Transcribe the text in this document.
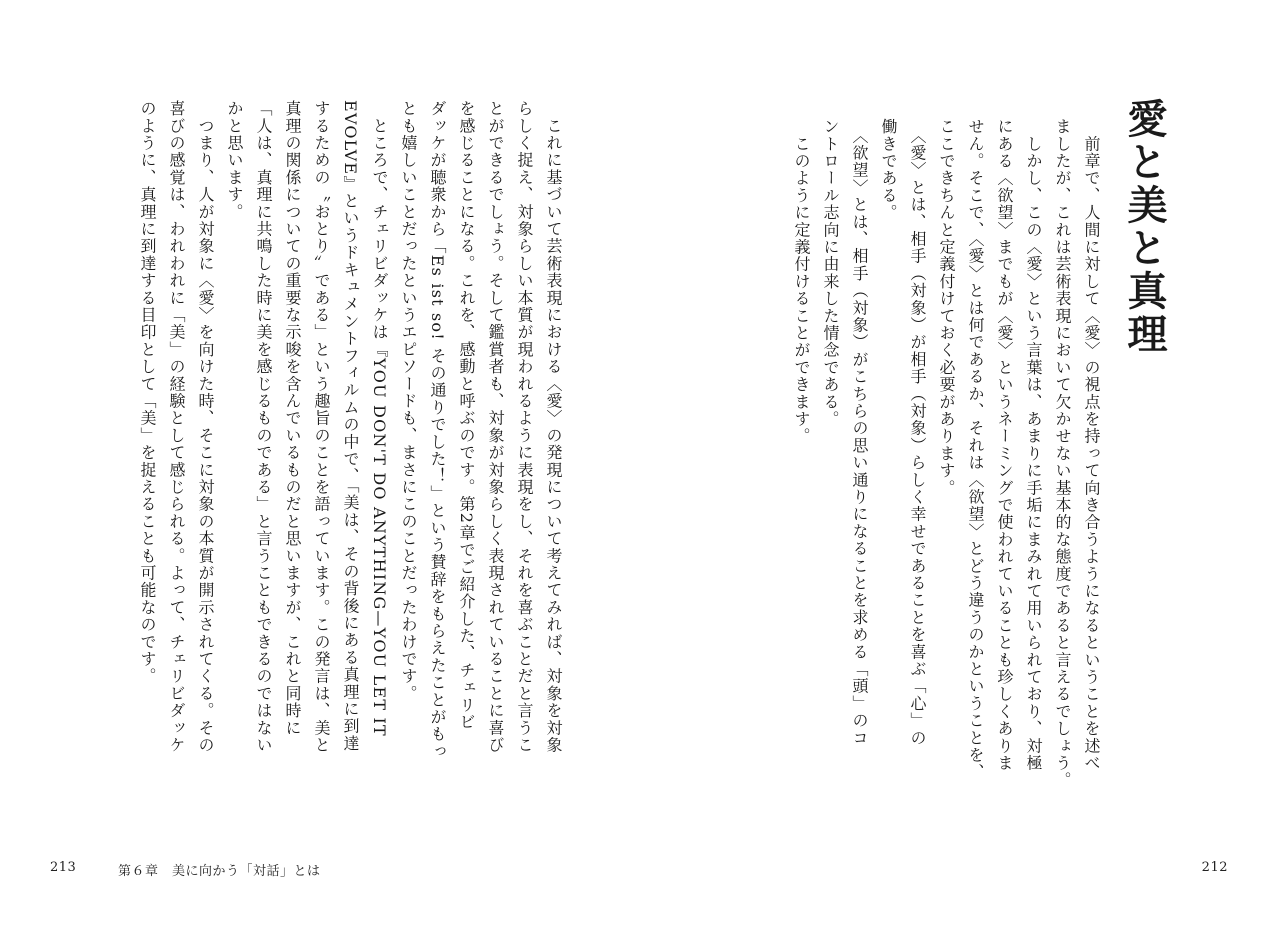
愛と美と真理
　前章で、人間に対して〈愛〉の視点を持って向き合うようになるということを述べ
ましたが、これは芸術表現において欠かせない基本的な態度であると言えるでしょう。
　しかし、この〈愛〉という言葉は、あまりに手垢にまみれて用いられており、対極
にある〈欲望〉までもが〈愛〉というネーミングで使われていることも珍しくありま
せん。そこで、〈愛〉とは何であるか、それは〈欲望〉とどう違うのかということを、
ここできちんと定義付けておく必要があります。
　〈愛〉とは、相手（対象）が相手（対象）らしく幸せであることを喜ぶ「心」の
働きである。
　〈欲望〉とは、相手（対象）がこちらの思い通りになることを求める「頭」のコ
ントロール志向に由来した情念である。
　このように定義付けることができます。
　これに基づいて芸術表現における〈愛〉の発現について考えてみれば、対象を対象
らしく捉え、対象らしい本質が現われるように表現をし、それを喜ぶことだと言うこ
とができるでしょう。そして鑑賞者も、対象が対象らしく表現されていることに喜び
を感じることになる。これを、感動と呼ぶのです。第2章でご紹介した、チェリビ
ダッケが聴衆から「Es ist so! その通りでした！」という賛辞をもらえたことがもっ
とも嬉しいことだったというエピソードも、まさにこのことだったわけです。
　ところで、チェリビダッケは『YOU DON'T DO ANYTHING—YOU LET IT
EVOLVE』というドキュメントフィルムの中で、「美は、その背後にある真理に到達
するための〝おとり〟である」という趣旨のことを語っています。この発言は、美と
真理の関係についての重要な示唆を含んでいるものだと思いますが、これと同時に
「人は、真理に共鳴した時に美を感じるものである」と言うこともできるのではない
かと思います。
　つまり、人が対象に〈愛〉を向けた時、そこに対象の本質が開示されてくる。その
喜びの感覚は、われわれに「美」の経験として感じられる。よって、チェリビダッケ
のように、真理に到達する目印として「美」を捉えることも可能なのです。
213	第６章　美に向かう「対話」とは	212
